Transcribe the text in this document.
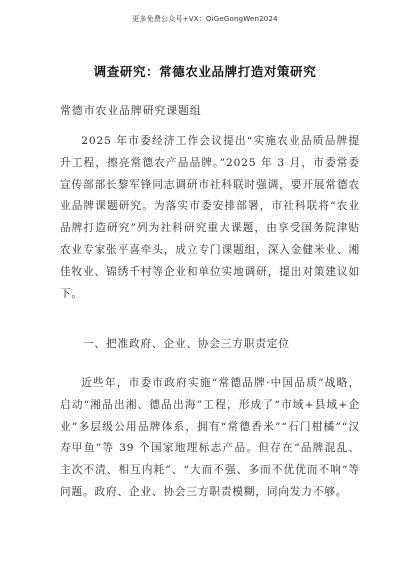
更多免费公众号+VX：QiGeGongWen2024
调查研究：常德农业品牌打造对策研究
常德市农业品牌研究课题组
2025 年市委经济工作会议提出“实施农业品质品牌提升工程，擦亮常德农产品品牌。”2025 年 3 月，市委常委宣传部部长黎军锋同志调研市社科联时强调，要开展常德农业品牌课题研究。为落实市委安排部署，市社科联将“农业品牌打造研究”列为社科研究重大课题，由享受国务院津贴农业专家张平喜牵头，成立专门课题组，深入金健米业、湘佳牧业、锦绣千村等企业和单位实地调研，提出对策建议如下。
一、把准政府、企业、协会三方职责定位
近些年，市委市政府实施“常德品牌·中国品质”战略，启动“湘品出湘、德品出海”工程，形成了“市域+县域+企业”多层级公用品牌体系，拥有“常德香米”“石门柑橘”“汉寿甲鱼”等 39 个国家地理标志产品。但存在“品牌混乱、主次不清、相互内耗”、“大而不强、多而不优优而不响”等问题。政府、企业、协会三方职责模糊，同向发力不够。
